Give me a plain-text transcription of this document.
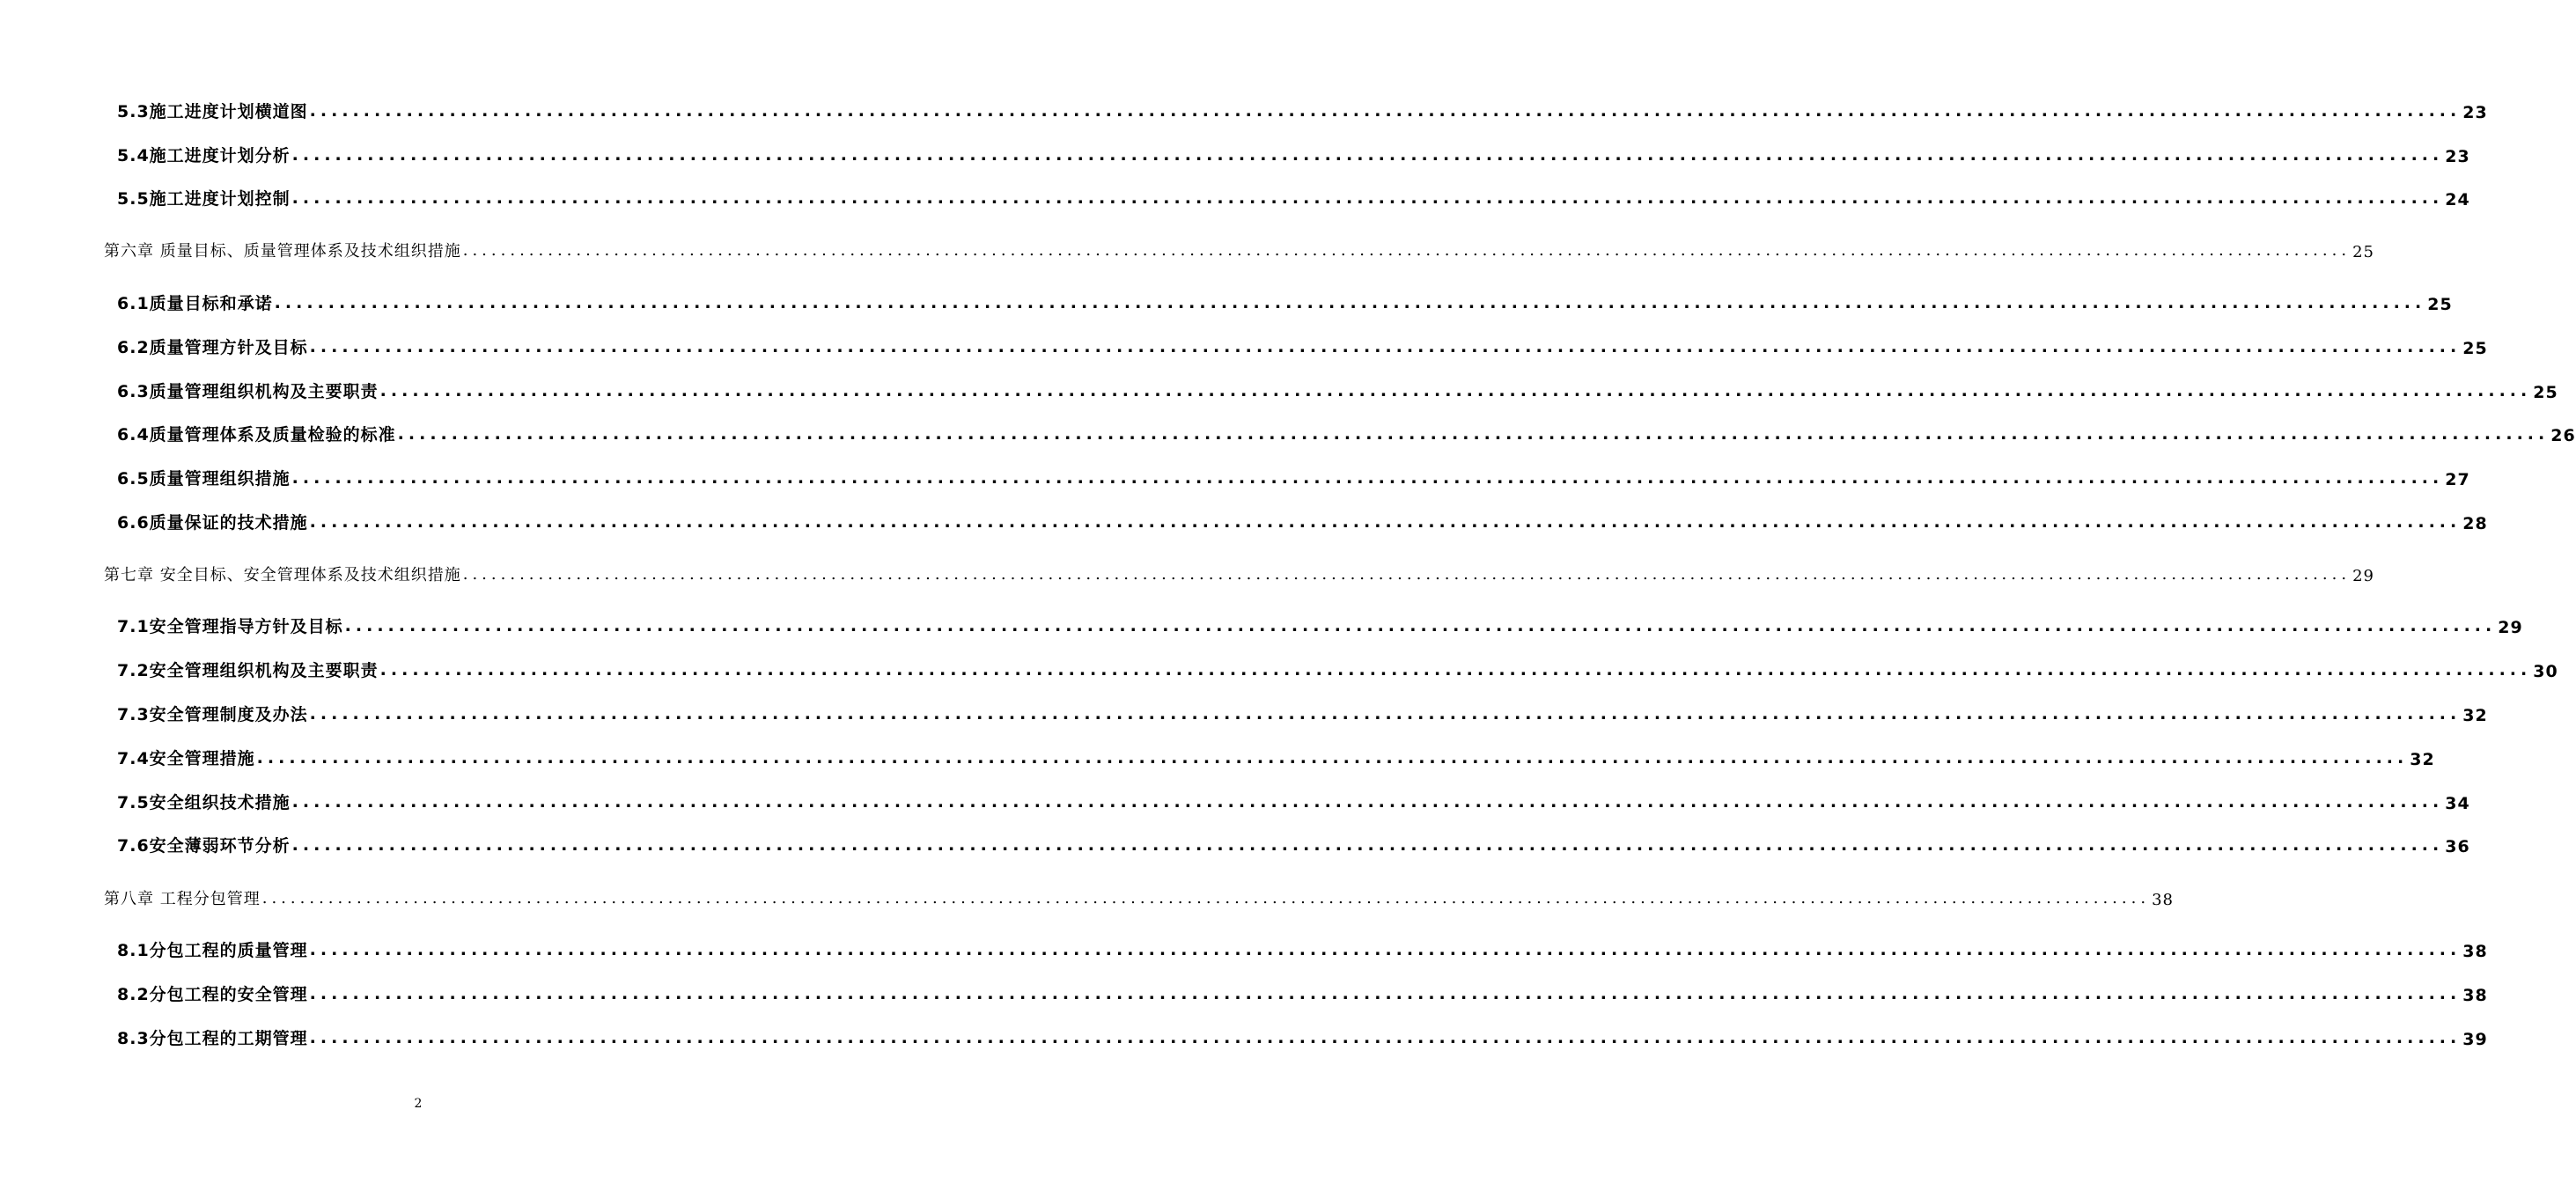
5.3施工进度计划横道图 ........................................................................................................................................................................................................ 23
5.4施工进度计划分析 ........................................................................................................................................................................................................ 23
5.5施工进度计划控制 ........................................................................................................................................................................................................ 24
第六章 质量目标、质量管理体系及技术组织措施 ........................................................................................................................................................................................................ 25
6.1质量目标和承诺 ........................................................................................................................................................................................................ 25
6.2质量管理方针及目标 ........................................................................................................................................................................................................ 25
6.3质量管理组织机构及主要职责 ........................................................................................................................................................................................................ 25
6.4质量管理体系及质量检验的标准 ........................................................................................................................................................................................................ 26
6.5质量管理组织措施 ........................................................................................................................................................................................................ 27
6.6质量保证的技术措施 ........................................................................................................................................................................................................ 28
第七章 安全目标、安全管理体系及技术组织措施 ........................................................................................................................................................................................................ 29
7.1安全管理指导方针及目标 ........................................................................................................................................................................................................ 29
7.2安全管理组织机构及主要职责 ........................................................................................................................................................................................................ 30
7.3安全管理制度及办法 ........................................................................................................................................................................................................ 32
7.4安全管理措施 ........................................................................................................................................................................................................ 32
7.5安全组织技术措施 ........................................................................................................................................................................................................ 34
7.6安全薄弱环节分析 ........................................................................................................................................................................................................ 36
第八章 工程分包管理 ........................................................................................................................................................................................................ 38
8.1分包工程的质量管理 ........................................................................................................................................................................................................ 38
8.2分包工程的安全管理 ........................................................................................................................................................................................................ 38
8.3分包工程的工期管理 ........................................................................................................................................................................................................ 39
2
